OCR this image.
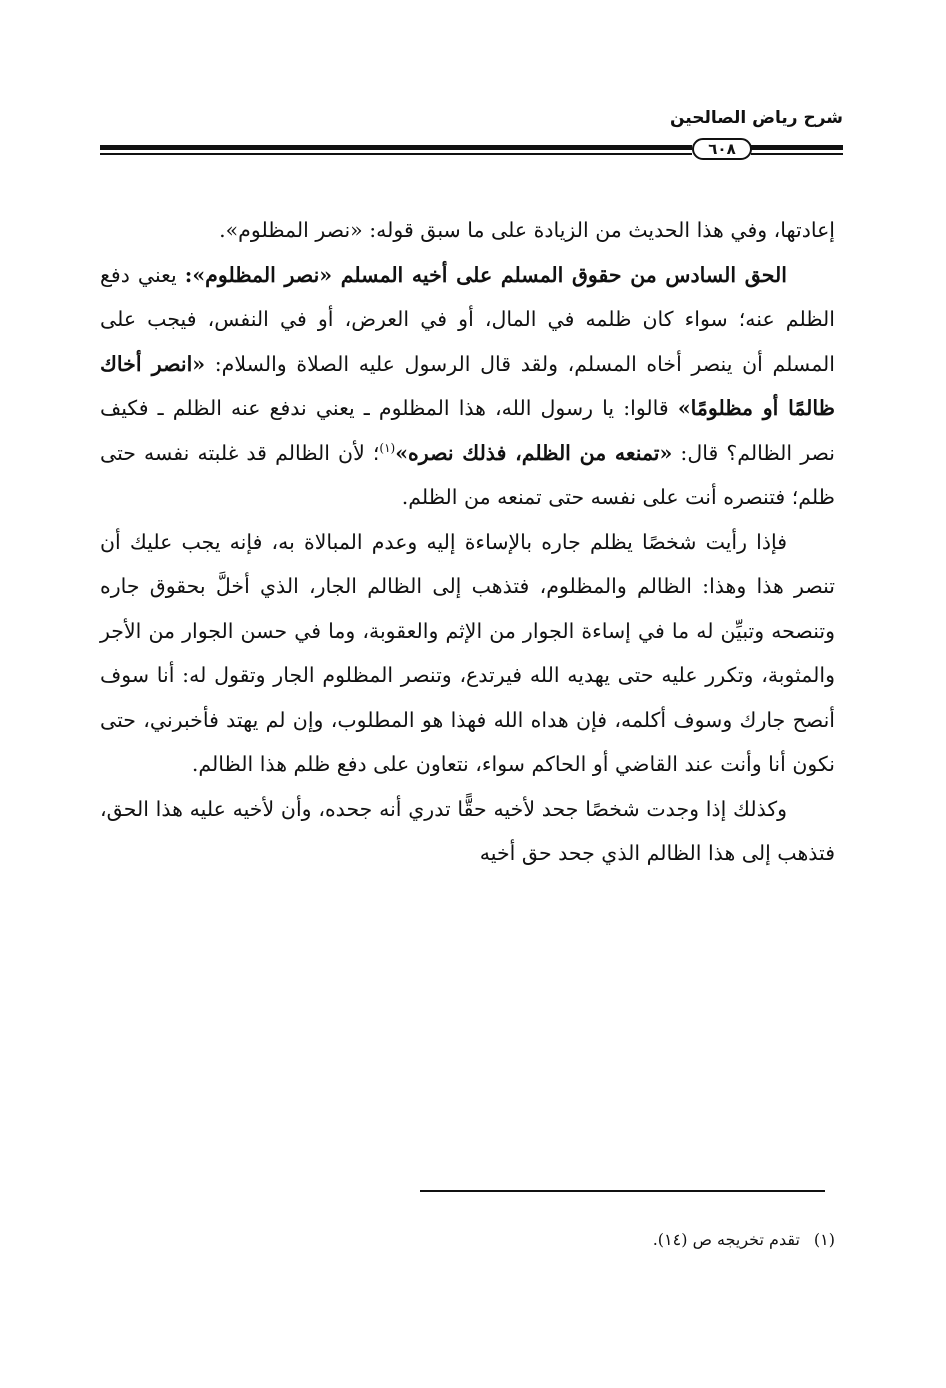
شرح رياض الصالحين
٦٠٨

إعادتها، وفي هذا الحديث من الزيادة على ما سبق قوله: «نصر المظلوم».

الحق السادس من حقوق المسلم على أخيه المسلم «نصر المظلوم»: يعني دفع الظلم عنه؛ سواء كان ظلمه في المال، أو في العرض، أو في النفس، فيجب على المسلم أن ينصر أخاه المسلم، ولقد قال الرسول عليه الصلاة والسلام: «انصر أخاك ظالمًا أو مظلومًا» قالوا: يا رسول الله، هذا المظلوم ـ يعني ندفع عنه الظلم ـ فكيف نصر الظالم؟ قال: «تمنعه من الظلم، فذلك نصره»$^{(١)}$؛ لأن الظالم قد غلبته نفسه حتى ظلم؛ فتنصره أنت على نفسه حتى تمنعه من الظلم.

فإذا رأيت شخصًا يظلم جاره بالإساءة إليه وعدم المبالاة به، فإنه يجب عليك أن تنصر هذا وهذا: الظالم والمظلوم، فتذهب إلى الظالم الجار، الذي أخلَّ بحقوق جاره وتنصحه وتبيِّن له ما في إساءة الجوار من الإثم والعقوبة، وما في حسن الجوار من الأجر والمثوبة، وتكرر عليه حتى يهديه الله فيرتدع، وتنصر المظلوم الجار وتقول له: أنا سوف أنصح جارك وسوف أكلمه، فإن هداه الله فهذا هو المطلوب، وإن لم يهتد فأخبرني، حتى نكون أنا وأنت عند القاضي أو الحاكم سواء، نتعاون على دفع ظلم هذا الظالم.

وكذلك إذا وجدت شخصًا جحد لأخيه حقًّا تدري أنه جحده، وأن لأخيه عليه هذا الحق، فتذهب إلى هذا الظالم الذي جحد حق أخيه

(١)تقدم تخريجه ص (١٤).
